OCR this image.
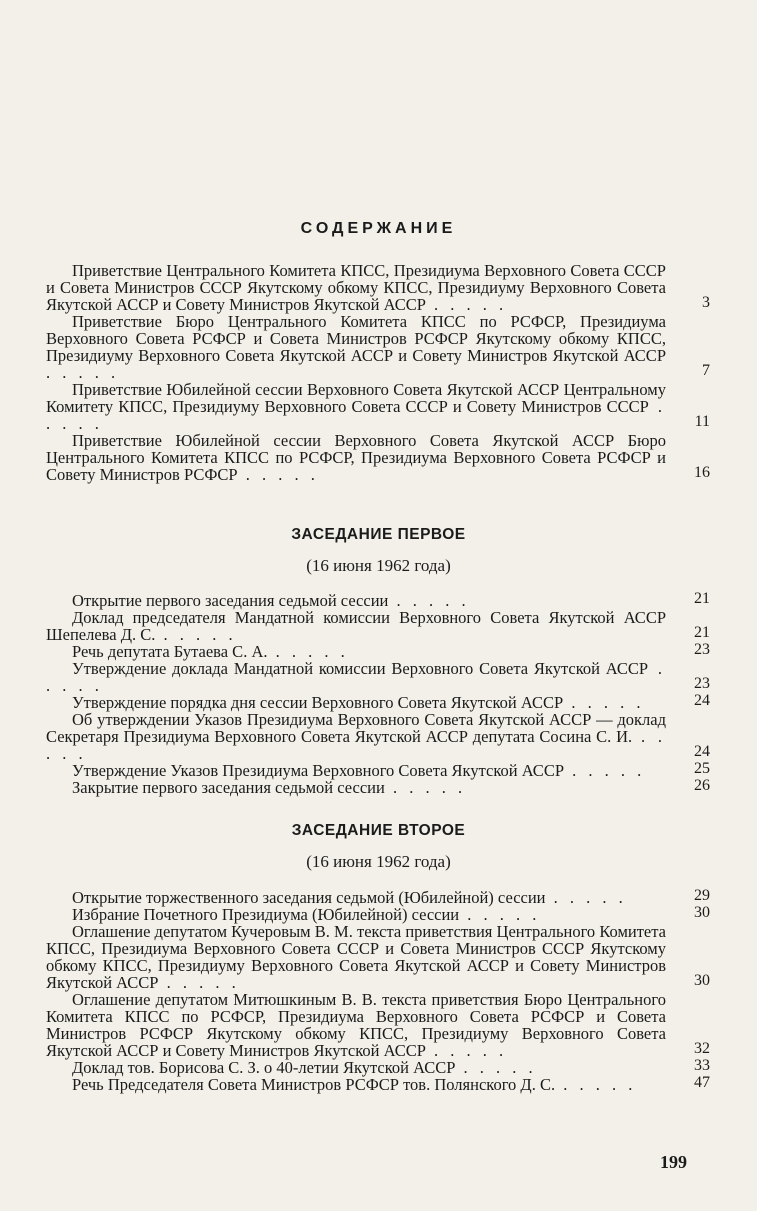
СОДЕРЖАНИЕ
Приветствие Центрального Комитета КПСС, Президиума Верховного Совета СССР и Совета Министров СССР Якутскому обкому КПСС, Президиуму Верховного Совета Якутской АССР и Совету Министров Якутской АССР . . . . .	3
Приветствие Бюро Центрального Комитета КПСС по РСФСР, Президиума Верховного Совета РСФСР и Совета Министров РСФСР Якутскому обкому КПСС, Президиуму Верховного Совета Якутской АССР и Совету Министров Якутской АССР . . . . .	7
Приветствие Юбилейной сессии Верховного Совета Якутской АССР Центральному Комитету КПСС, Президиуму Верховного Совета СССР и Совету Министров СССР . . . . .	11
Приветствие Юбилейной сессии Верховного Совета Якутской АССР Бюро Центрального Комитета КПСС по РСФСР, Президиума Верховного Совета РСФСР и Совету Министров РСФСР . . . . .	16
ЗАСЕДАНИЕ ПЕРВОЕ
(16 июня 1962 года)
Открытие первого заседания седьмой сессии . . . . .	21
Доклад председателя Мандатной комиссии Верховного Совета Якутской АССР Шепелева Д. С. . . . . .	21
Речь депутата Бутаева С. А. . . . . .	23
Утверждение доклада Мандатной комиссии Верховного Совета Якутской АССР . . . . .	23
Утверждение порядка дня сессии Верховного Совета Якутской АССР . . . . .	24
Об утверждении Указов Президиума Верховного Совета Якутской АССР — доклад Секретаря Президиума Верховного Совета Якутской АССР депутата Сосина С. И. . . . . .	24
Утверждение Указов Президиума Верховного Совета Якутской АССР . . . . .	25
Закрытие первого заседания седьмой сессии . . . . .	26
ЗАСЕДАНИЕ ВТОРОЕ
(16 июня 1962 года)
Открытие торжественного заседания седьмой (Юбилейной) сессии . . . . .	29
Избрание Почетного Президиума (Юбилейной) сессии . . . . .	30
Оглашение депутатом Кучеровым В. М. текста приветствия Центрального Комитета КПСС, Президиума Верховного Совета СССР и Совета Министров СССР Якутскому обкому КПСС, Президиуму Верховного Совета Якутской АССР и Совету Министров Якутской АССР . . . . .	30
Оглашение депутатом Митюшкиным В. В. текста приветствия Бюро Центрального Комитета КПСС по РСФСР, Президиума Верховного Совета РСФСР и Совета Министров РСФСР Якутскому обкому КПСС, Президиуму Верховного Совета Якутской АССР и Совету Министров Якутской АССР . . . . .	32
Доклад тов. Борисова С. З. о 40-летии Якутской АССР . . . . .	33
Речь Председателя Совета Министров РСФСР тов. Полянского Д. С. . . . . .	47
199
